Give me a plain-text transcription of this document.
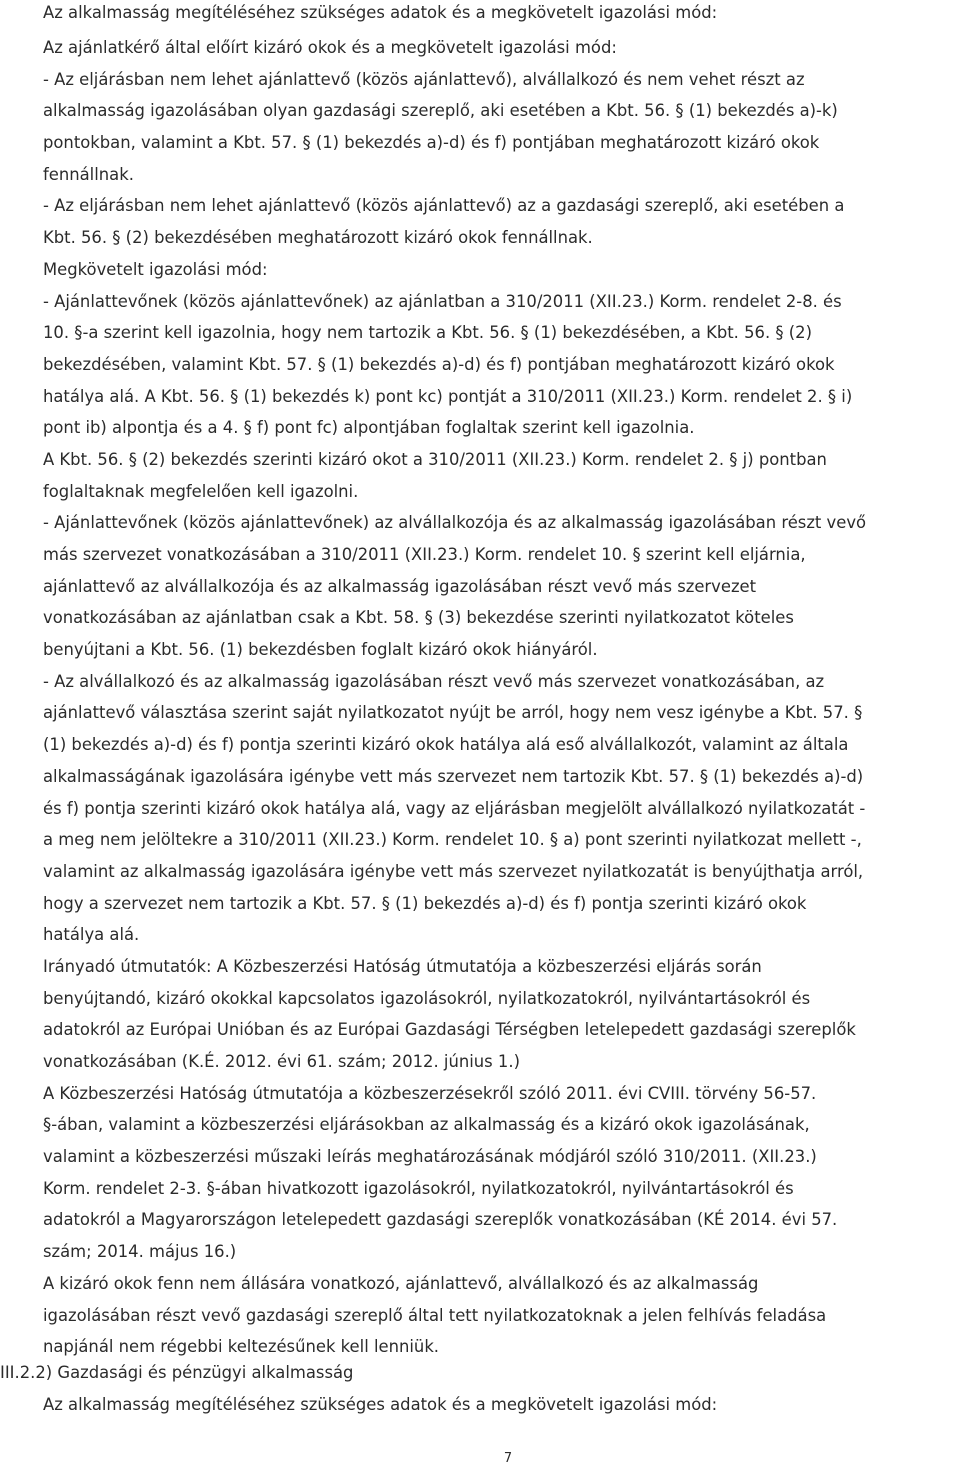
Az alkalmasság megítéléséhez szükséges adatok és a megkövetelt igazolási mód:
Az ajánlatkérő által előírt kizáró okok és a megkövetelt igazolási mód:
- Az eljárásban nem lehet ajánlattevő (közös ajánlattevő), alvállalkozó és nem vehet részt az
alkalmasság igazolásában olyan gazdasági szereplő, aki esetében a Kbt. 56. § (1) bekezdés a)-k)
pontokban, valamint a Kbt. 57. § (1) bekezdés a)-d) és f) pontjában meghatározott kizáró okok
fennállnak.
- Az eljárásban nem lehet ajánlattevő (közös ajánlattevő) az a gazdasági szereplő, aki esetében a
Kbt. 56. § (2) bekezdésében meghatározott kizáró okok fennállnak.
Megkövetelt igazolási mód:
- Ajánlattevőnek (közös ajánlattevőnek) az ajánlatban a 310/2011 (XII.23.) Korm. rendelet 2-8. és
10. §-a szerint kell igazolnia, hogy nem tartozik a Kbt. 56. § (1) bekezdésében, a Kbt. 56. § (2)
bekezdésében, valamint Kbt. 57. § (1) bekezdés a)-d) és f) pontjában meghatározott kizáró okok
hatálya alá. A Kbt. 56. § (1) bekezdés k) pont kc) pontját a 310/2011 (XII.23.) Korm. rendelet 2. § i)
pont ib) alpontja és a 4. § f) pont fc) alpontjában foglaltak szerint kell igazolnia.
A Kbt. 56. § (2) bekezdés szerinti kizáró okot a 310/2011 (XII.23.) Korm. rendelet 2. § j) pontban
foglaltaknak megfelelően kell igazolni.
- Ajánlattevőnek (közös ajánlattevőnek) az alvállalkozója és az alkalmasság igazolásában részt vevő
más szervezet vonatkozásában a 310/2011 (XII.23.) Korm. rendelet 10. § szerint kell eljárnia,
ajánlattevő az alvállalkozója és az alkalmasság igazolásában részt vevő más szervezet
vonatkozásában az ajánlatban csak a Kbt. 58. § (3) bekezdése szerinti nyilatkozatot köteles
benyújtani a Kbt. 56. (1) bekezdésben foglalt kizáró okok hiányáról.
- Az alvállalkozó és az alkalmasság igazolásában részt vevő más szervezet vonatkozásában, az
ajánlattevő választása szerint saját nyilatkozatot nyújt be arról, hogy nem vesz igénybe a Kbt. 57. §
(1) bekezdés a)-d) és f) pontja szerinti kizáró okok hatálya alá eső alvállalkozót, valamint az általa
alkalmasságának igazolására igénybe vett más szervezet nem tartozik Kbt. 57. § (1) bekezdés a)-d)
és f) pontja szerinti kizáró okok hatálya alá, vagy az eljárásban megjelölt alvállalkozó nyilatkozatát -
a meg nem jelöltekre a 310/2011 (XII.23.) Korm. rendelet 10. § a) pont szerinti nyilatkozat mellett -,
valamint az alkalmasság igazolására igénybe vett más szervezet nyilatkozatát is benyújthatja arról,
hogy a szervezet nem tartozik a Kbt. 57. § (1) bekezdés a)-d) és f) pontja szerinti kizáró okok
hatálya alá.
Irányadó útmutatók: A Közbeszerzési Hatóság útmutatója a közbeszerzési eljárás során
benyújtandó, kizáró okokkal kapcsolatos igazolásokról, nyilatkozatokról, nyilvántartásokról és
adatokról az Európai Unióban és az Európai Gazdasági Térségben letelepedett gazdasági szereplők
vonatkozásában (K.É. 2012. évi 61. szám; 2012. június 1.)
A Közbeszerzési Hatóság útmutatója a közbeszerzésekről szóló 2011. évi CVIII. törvény 56-57.
§-ában, valamint a közbeszerzési eljárásokban az alkalmasság és a kizáró okok igazolásának,
valamint a közbeszerzési műszaki leírás meghatározásának módjáról szóló 310/2011. (XII.23.)
Korm. rendelet 2-3. §-ában hivatkozott igazolásokról, nyilatkozatokról, nyilvántartásokról és
adatokról a Magyarországon letelepedett gazdasági szereplők vonatkozásában (KÉ 2014. évi 57.
szám; 2014. május 16.)
A kizáró okok fenn nem állására vonatkozó, ajánlattevő, alvállalkozó és az alkalmasság
igazolásában részt vevő gazdasági szereplő által tett nyilatkozatoknak a jelen felhívás feladása
napjánál nem régebbi keltezésűnek kell lenniük.
III.2.2) Gazdasági és pénzügyi alkalmasság
Az alkalmasság megítéléséhez szükséges adatok és a megkövetelt igazolási mód:
7
